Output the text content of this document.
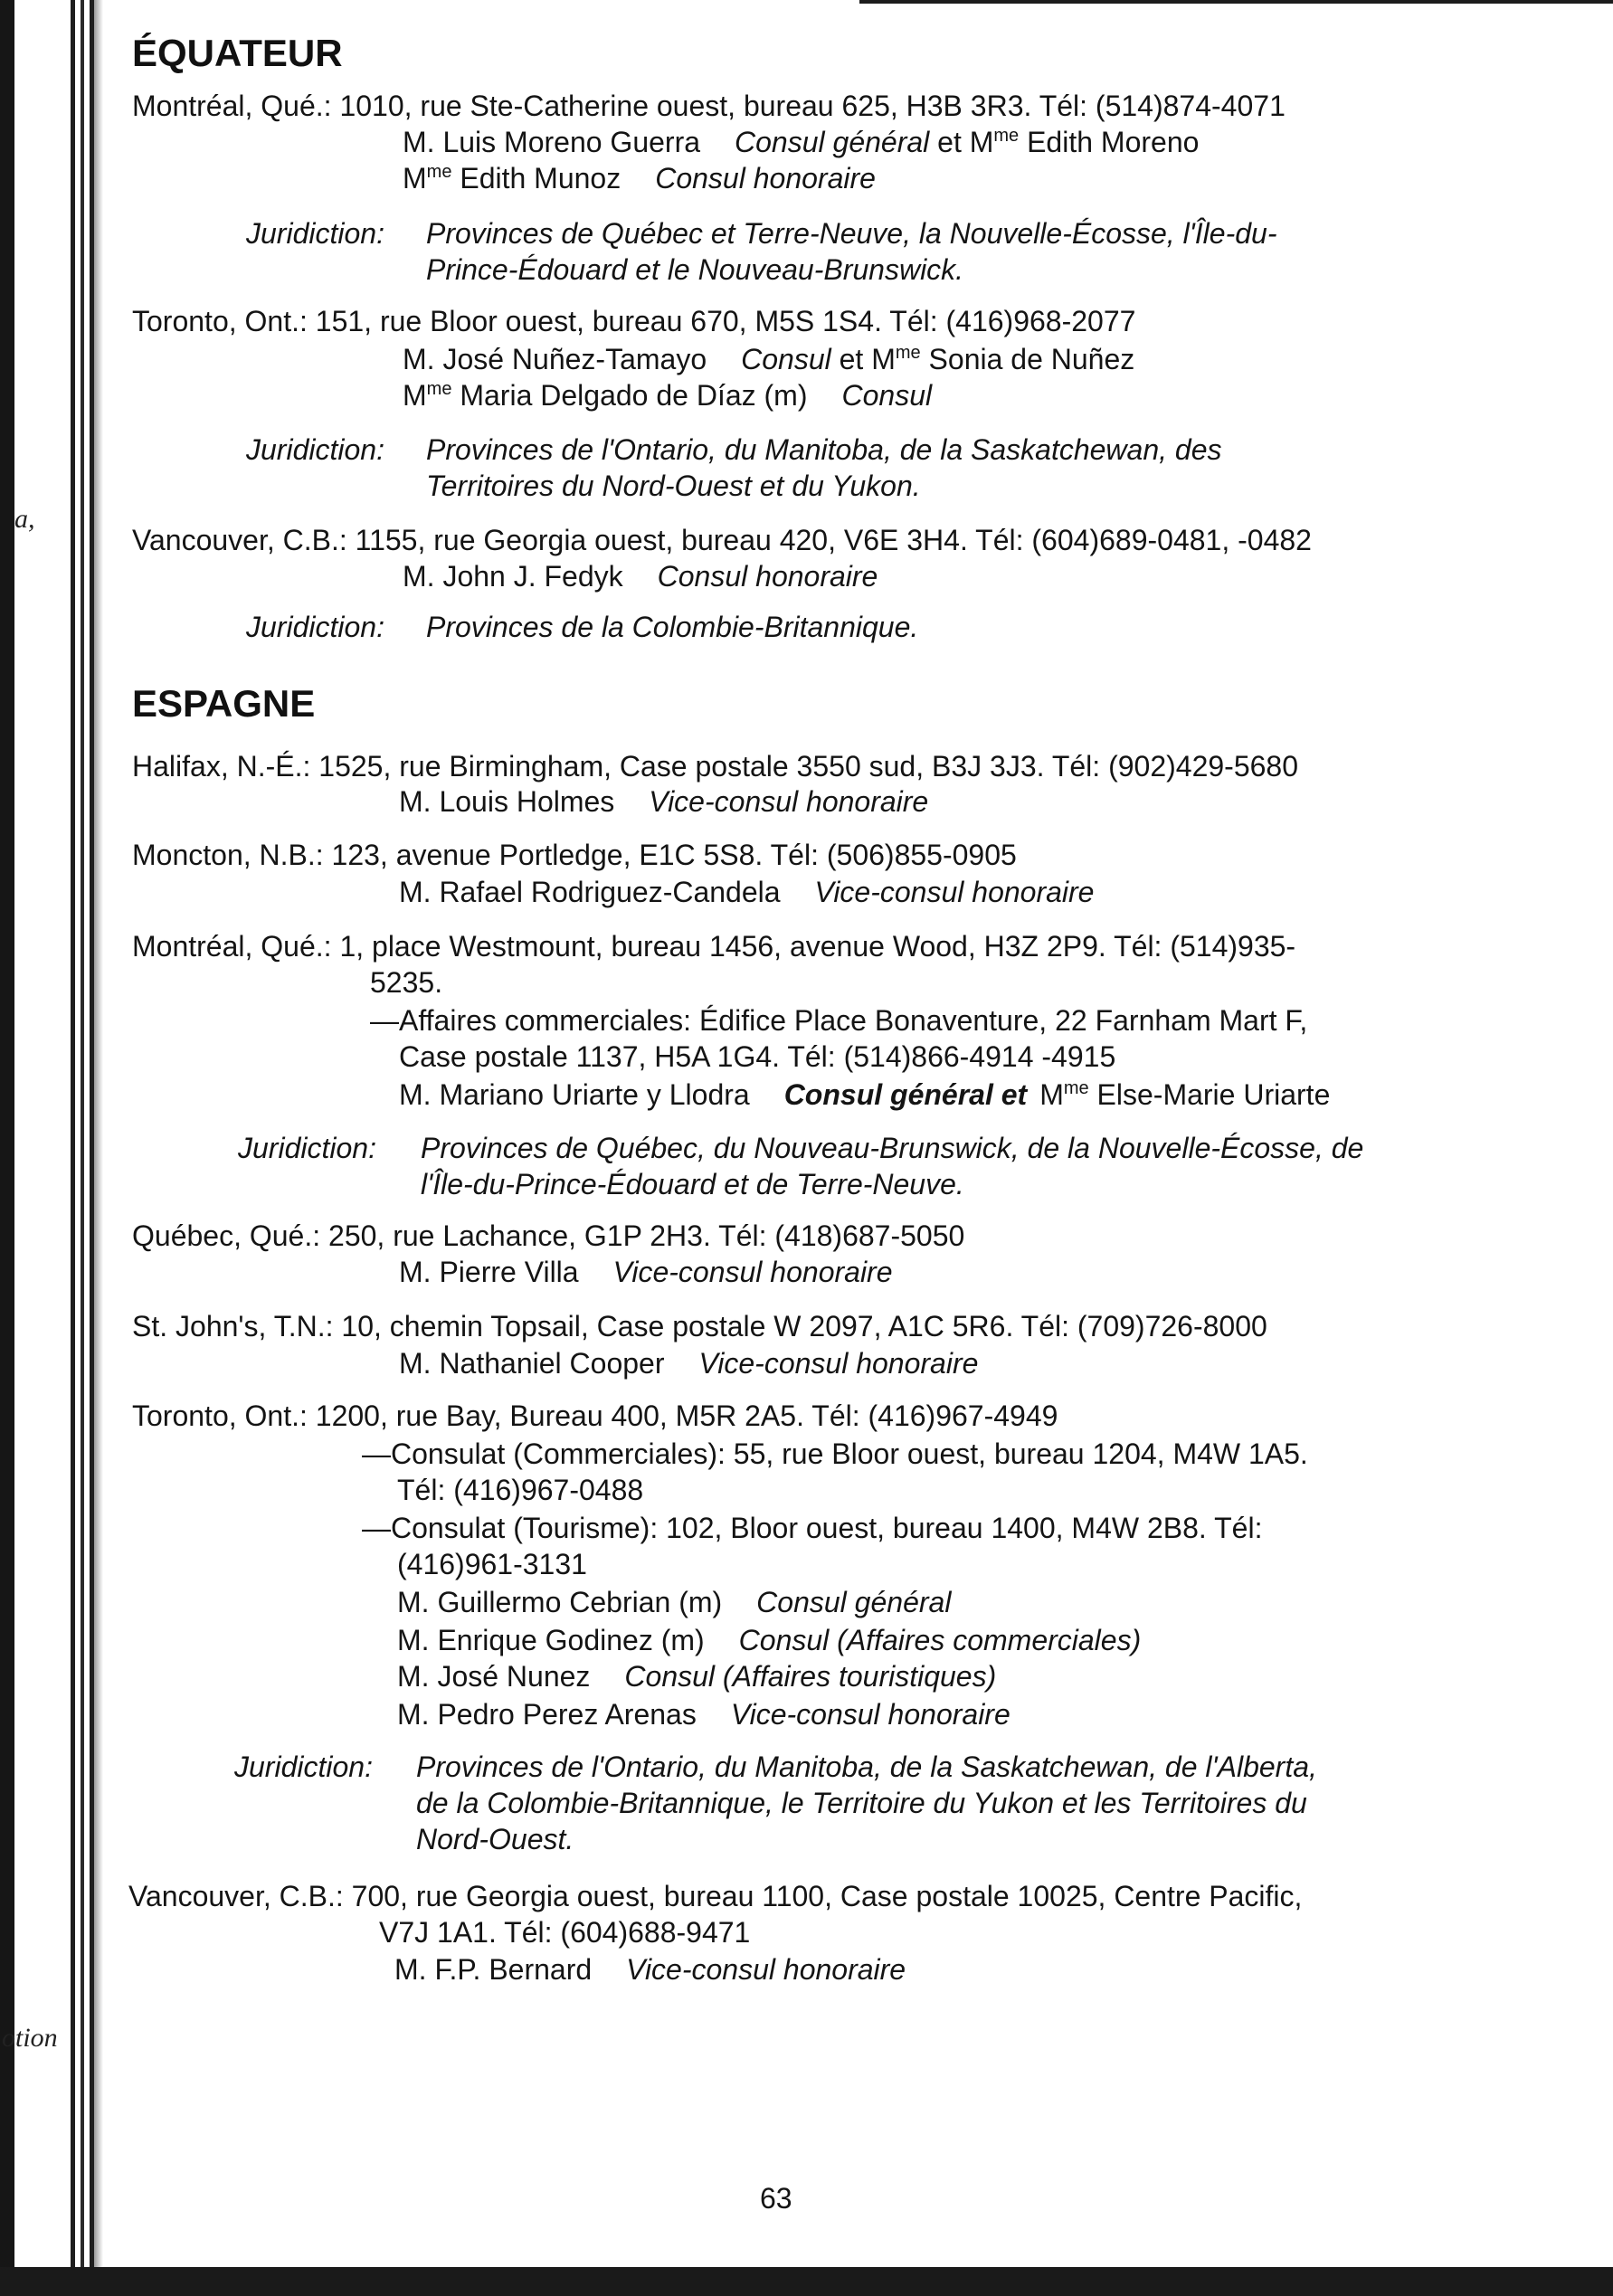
a,
otion
ÉQUATEUR
Montréal, Qué.: 1010, rue Ste-Catherine ouest, bureau 625, H3B 3R3. Tél: (514)874-4071
M. Luis Moreno Guerra Consul général et $M^{me}$ Edith Moreno
$M^{me}$ Edith Munoz Consul honoraire
Juridiction: Provinces de Québec et Terre-Neuve, la Nouvelle-Écosse, l'Île-du-
Prince-Édouard et le Nouveau-Brunswick.
Toronto, Ont.: 151, rue Bloor ouest, bureau 670, M5S 1S4. Tél: (416)968-2077
M. José Nuñez-Tamayo Consul et $M^{me}$ Sonia de Nuñez
$M^{me}$ Maria Delgado de Díaz (m) Consul
Juridiction: Provinces de l'Ontario, du Manitoba, de la Saskatchewan, des
Territoires du Nord-Ouest et du Yukon.
Vancouver, C.B.: 1155, rue Georgia ouest, bureau 420, V6E 3H4. Tél: (604)689-0481, -0482
M. John J. Fedyk Consul honoraire
Juridiction: Provinces de la Colombie-Britannique.
ESPAGNE
Halifax, N.-É.: 1525, rue Birmingham, Case postale 3550 sud, B3J 3J3. Tél: (902)429-5680
M. Louis Holmes Vice-consul honoraire
Moncton, N.B.: 123, avenue Portledge, E1C 5S8. Tél: (506)855-0905
M. Rafael Rodriguez-Candela Vice-consul honoraire
Montréal, Qué.: 1, place Westmount, bureau 1456, avenue Wood, H3Z 2P9. Tél: (514)935-
5235.
—Affaires commerciales: Édifice Place Bonaventure, 22 Farnham Mart F,
Case postale 1137, H5A 1G4. Tél: (514)866-4914 -4915
M. Mariano Uriarte y Llodra Consul général et $M^{me}$ Else-Marie Uriarte
Juridiction: Provinces de Québec, du Nouveau-Brunswick, de la Nouvelle-Écosse, de
l'Île-du-Prince-Édouard et de Terre-Neuve.
Québec, Qué.: 250, rue Lachance, G1P 2H3. Tél: (418)687-5050
M. Pierre Villa Vice-consul honoraire
St. John's, T.N.: 10, chemin Topsail, Case postale W 2097, A1C 5R6. Tél: (709)726-8000
M. Nathaniel Cooper Vice-consul honoraire
Toronto, Ont.: 1200, rue Bay, Bureau 400, M5R 2A5. Tél: (416)967-4949
—Consulat (Commerciales): 55, rue Bloor ouest, bureau 1204, M4W 1A5.
Tél: (416)967-0488
—Consulat (Tourisme): 102, Bloor ouest, bureau 1400, M4W 2B8. Tél:
(416)961-3131
M. Guillermo Cebrian (m) Consul général
M. Enrique Godinez (m) Consul (Affaires commerciales)
M. José Nunez Consul (Affaires touristiques)
M. Pedro Perez Arenas Vice-consul honoraire
Juridiction: Provinces de l'Ontario, du Manitoba, de la Saskatchewan, de l'Alberta,
de la Colombie-Britannique, le Territoire du Yukon et les Territoires du
Nord-Ouest.
Vancouver, C.B.: 700, rue Georgia ouest, bureau 1100, Case postale 10025, Centre Pacific,
V7J 1A1. Tél: (604)688-9471
M. F.P. Bernard Vice-consul honoraire
63
